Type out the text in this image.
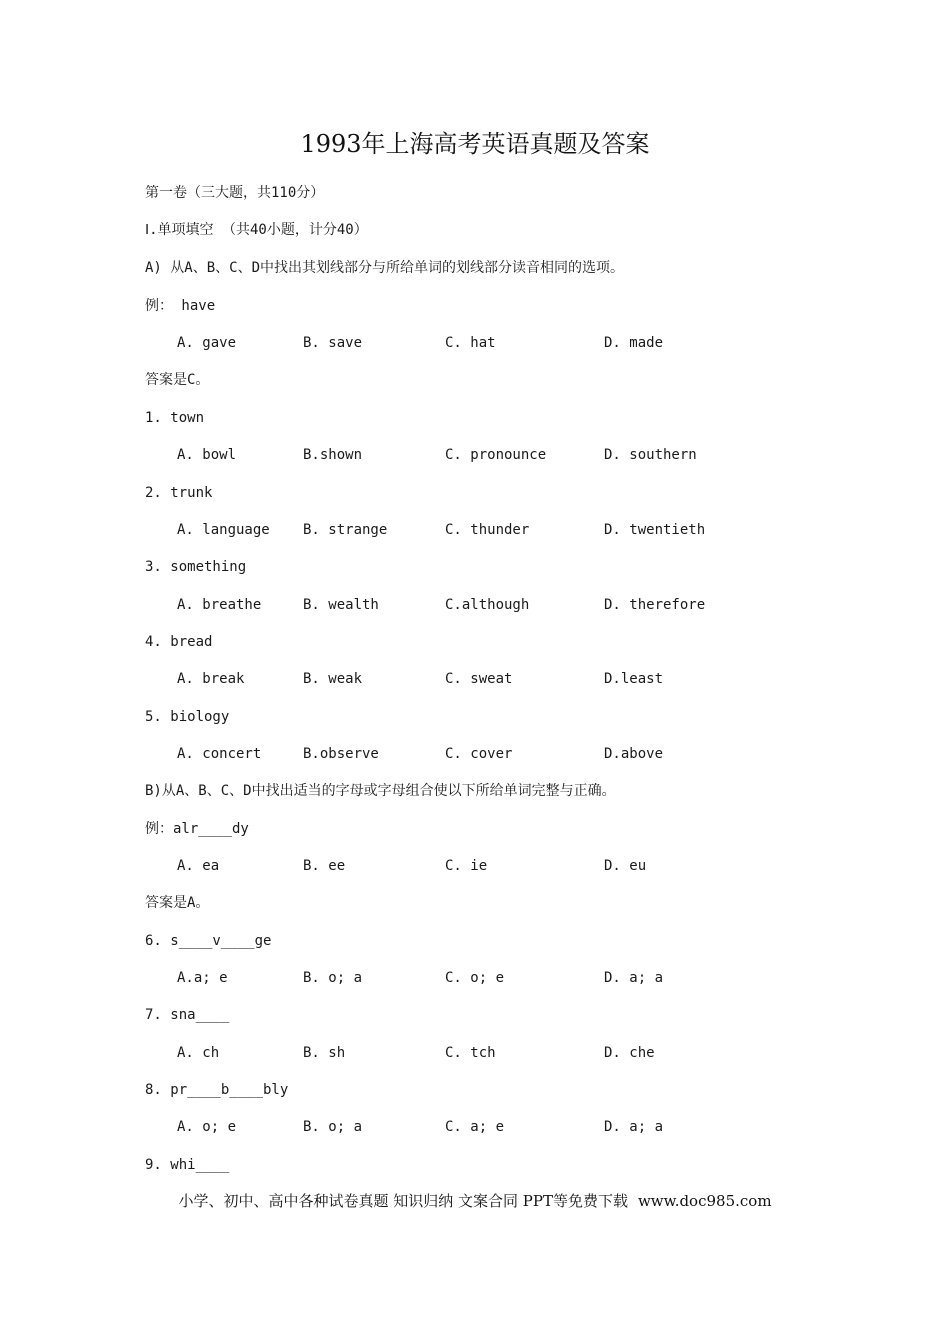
1993年上海高考英语真题及答案
第一卷（三大题，共110分）
Ⅰ.单项填空 （共40小题，计分40）
A) 从A、B、C、D中找出其划线部分与所给单词的划线部分读音相同的选项。
例： have
A. gave	B. save	C. hat	D. made
答案是C。
1. town
A. bowl	B.shown	C. pronounce	D. southern
2. trunk
A. language B. strange	C. thunder	D. twentieth
3. something
A. breathe	B. wealth	C.although	D. therefore
4. bread
A. break	B. weak	C. sweat	D.least
5. biology
A. concert	B.observe	C. cover	D.above
B)从A、B、C、D中找出适当的字母或字母组合使以下所给单词完整与正确。
例：alr____dy
A. ea	B. ee	C. ie	D. eu
答案是A。
6. s____v____ge
A.a; e	B. o; a	C. o; e	D. a; a
7. sna____
A. ch	B. sh	C. tch	D. che
8. pr____b____bly
A. o; e	B. o; a	C. a; e	D. a; a
9. whi____
小学、初中、高中各种试卷真题 知识归纳 文案合同 PPT等免费下载 www.doc985.com
